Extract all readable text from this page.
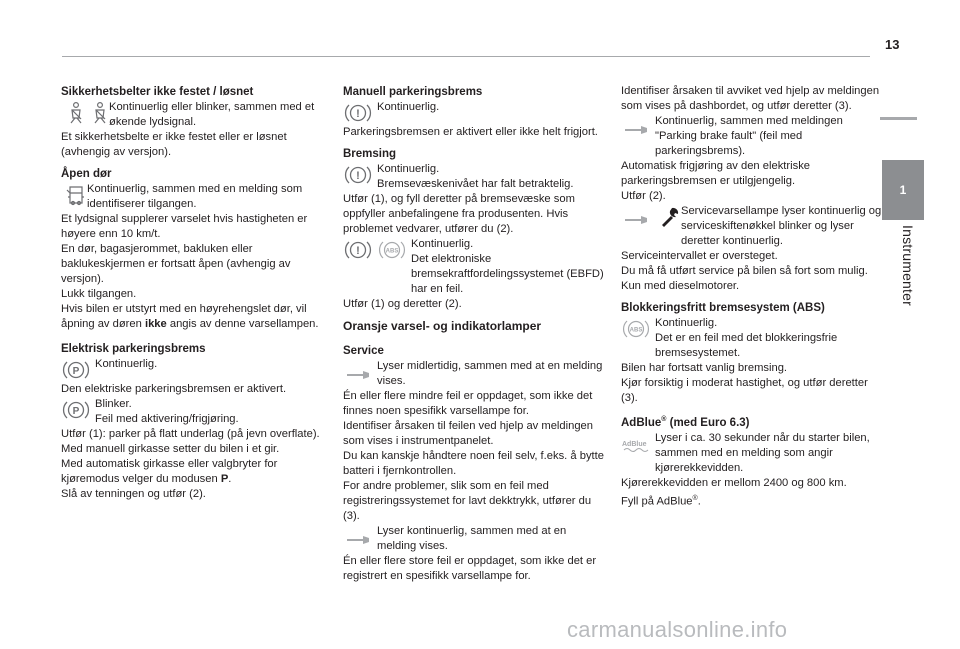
13
1
Instrumenter

Sikkerhetsbelter ikke festet / løsnet

Kontinuerlig eller blinker, sammen med et økende lydsignal.

Et sikkerhetsbelte er ikke festet eller er løsnet (avhengig av versjon).

Åpen dør

Kontinuerlig, sammen med en melding som identifiserer tilgangen.

Et lydsignal supplerer varselet hvis hastigheten er høyere enn 10 km/t.

En dør, bagasjerommet, bakluken eller baklukeskjermen er fortsatt åpen (avhengig av versjon).

Lukk tilgangen.

Hvis bilen er utstyrt med en høyrehengslet dør, vil åpning av døren ikke angis av denne varsellampen.

Elektrisk parkeringsbrems

P
Kontinuerlig.

Den elektriske parkeringsbremsen er aktivert.

P
Blinker.
Feil med aktivering/frigjøring.

Utfør (1): parker på flatt underlag (på jevn overflate).

Med manuell girkasse setter du bilen i et gir.

Med automatisk girkasse eller valgbryter for kjøremodus velger du modusen P.

Slå av tenningen og utfør (2).

Manuell parkeringsbrems

!
Kontinuerlig.

Parkeringsbremsen er aktivert eller ikke helt frigjort.

Bremsing

!
Kontinuerlig.
Bremsevæskenivået har falt betraktelig.

Utfør (1), og fyll deretter på bremsevæske som oppfyller anbefalingene fra produsenten. Hvis problemet vedvarer, utfører du (2).

!	ABS
Kontinuerlig.
Det elektroniske bremsekraftfordelingssystemet (EBFD) har en feil.

Utfør (1) og deretter (2).

Oransje varsel- og indikatorlamper

Service

Lyser midlertidig, sammen med at en melding vises.

Én eller flere mindre feil er oppdaget, som ikke det finnes noen spesifikk varsellampe for.

Identifiser årsaken til feilen ved hjelp av meldingen som vises i instrumentpanelet.

Du kan kanskje håndtere noen feil selv, f.eks. å bytte batteri i fjernkontrollen.

For andre problemer, slik som en feil med registreringssystemet for lavt dekktrykk, utfører du (3).

Lyser kontinuerlig, sammen med at en melding vises.

Én eller flere store feil er oppdaget, som ikke det er registrert en spesifikk varsellampe for.

Identifiser årsaken til avviket ved hjelp av meldingen som vises på dashbordet, og utfør deretter (3).

Kontinuerlig, sammen med meldingen "Parking brake fault" (feil med parkeringsbrems).

Automatisk frigjøring av den elektriske parkeringsbremsen er utilgjengelig.

Utfør (2).

Servicevarsellampe lyser kontinuerlig og serviceskiftenøkkel blinker og lyser deretter kontinuerlig.

Serviceintervallet er oversteget.

Du må få utført service på bilen så fort som mulig.

Kun med dieselmotorer.

Blokkeringsfritt bremsesystem (ABS)

ABS
Kontinuerlig.
Det er en feil med det blokkeringsfrie bremsesystemet.

Bilen har fortsatt vanlig bremsing.

Kjør forsiktig i moderat hastighet, og utfør deretter (3).

AdBlue® (med Euro 6.3)

AdBlue
Lyser i ca. 30 sekunder når du starter bilen, sammen med en melding som angir kjørerekkevidden.

Kjørerekkevidden er mellom 2400 og 800 km.

Fyll på AdBlue®.

carmanualsonline.info
